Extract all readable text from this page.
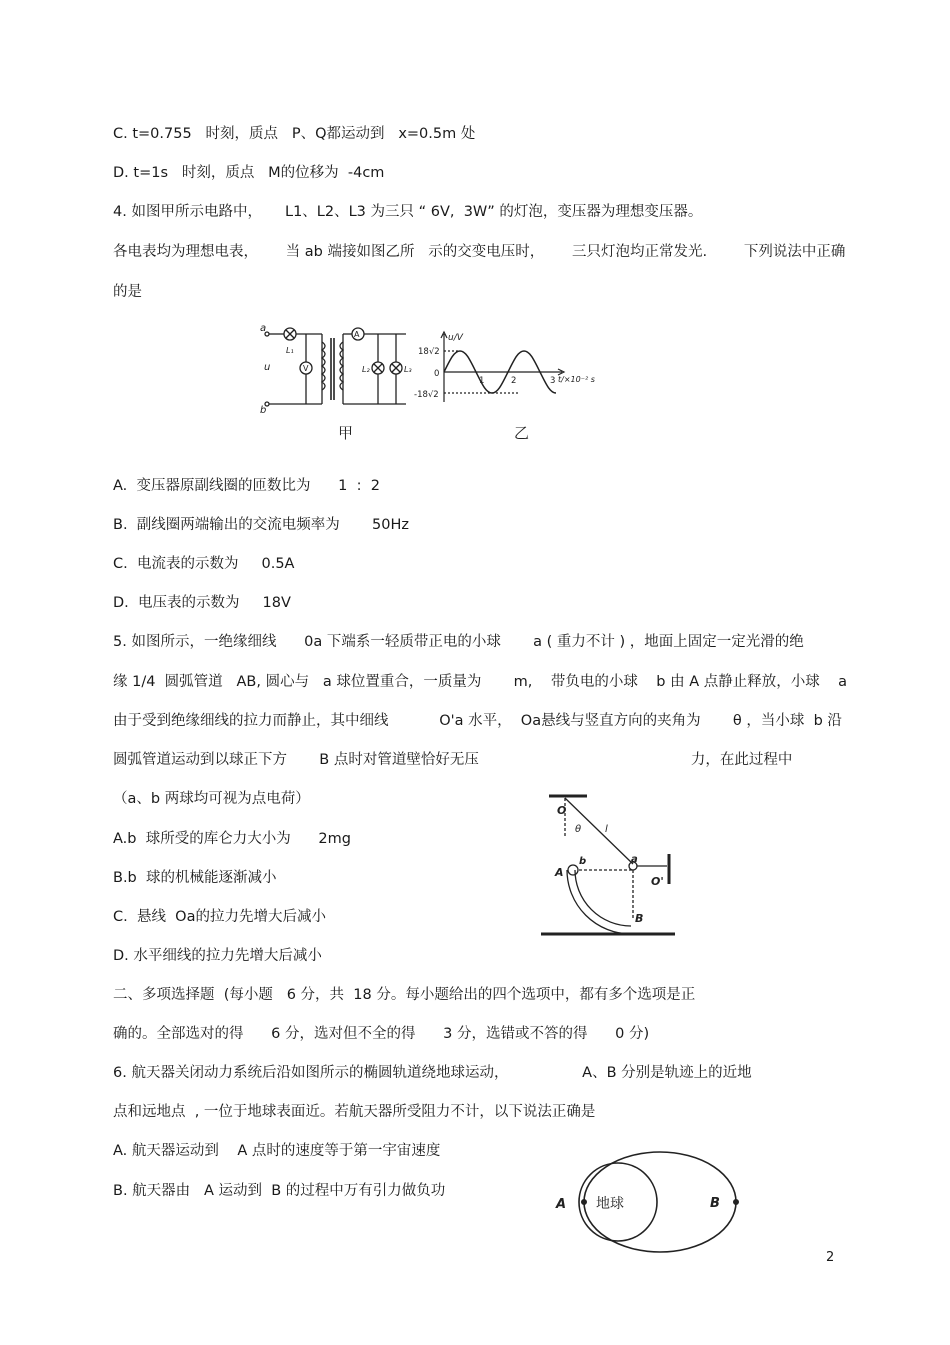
C. t=0.755   时刻，质点   P、Q都运动到   x=0.5m 处
D. t=1s   时刻，质点   M的位移为  -4cm
4. 如图甲所示电路中，     L1、L2、L3 为三只 “ 6V,  3W” 的灯泡，变压器为理想变压器。
各电表均为理想电表，      当 ab 端接如图乙所   示的交变电压时，      三只灯泡均正常发光.        下列说法中正确
的是
A.  变压器原副线圈的匝数比为      1  :  2
B.  副线圈两端输出的交流电频率为       50Hz
C.  电流表的示数为     0.5A
D.  电压表的示数为     18V
5. 如图所示，一绝缘细线      0a 下端系一轻质带正电的小球       a ( 重力不计 ) ，地面上固定一定光滑的绝
缘 1/4  圆弧管道   AB, 圆心与   a 球位置重合，一质量为       m,    带负电的小球    b 由 A 点静止释放，小球    a
由于受到绝缘细线的拉力而静止，其中细线           O'a 水平，  Oa悬线与竖直方向的夹角为       θ ，当小球  b 沿
圆弧管道运动到以球正下方       B 点时对管道壁恰好无压                                              力，在此过程中
（a、b 两球均可视为点电荷）
A.b  球所受的库仑力大小为      2mg
B.b  球的机械能逐渐减小
C.  悬线  Oa的拉力先增大后减小
D. 水平细线的拉力先增大后减小
二、多项选择题  (每小题   6 分，共  18 分。每小题给出的四个选项中，都有多个选项是正
确的。全部选对的得      6 分，选对但不全的得      3 分，选错或不答的得      0 分)
6. 航天器关闭动力系统后沿如图所示的椭圆轨道绕地球运动，                A、B 分别是轨迹上的近地
点和远地点  , 一位于地球表面近。若航天器所受阻力不计，以下说法正确是
A. 航天器运动到    A 点时的速度等于第一宇宙速度
B. 航天器由   A 运动到  B 的过程中万有引力做负功
a
b
u
L₁
V
A
L₂	L₃
甲
u/V
18√2
-18√2
0
1	2	3 t/×10⁻² s
乙
O
θ l
a
O'
b
A
B
A	B
地球
2
